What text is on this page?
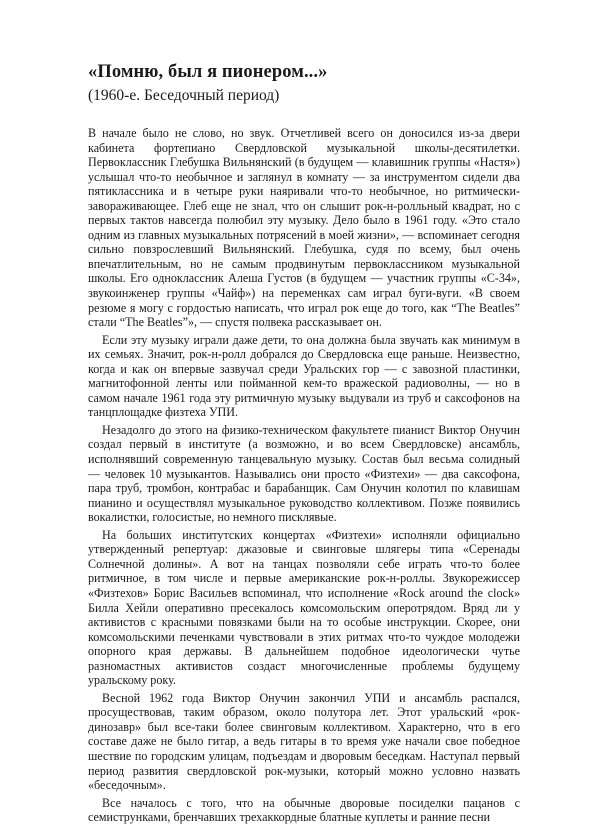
«Помню, был я пионером...»
(1960-е. Беседочный период)

В начале было не слово, но звук. Отчетливей всего он доносился из-за двери кабинета фортепиано Свердловской музыкальной школы-десятилетки. Первоклассник Глебушка Вильнянский (в будущем — клавишник группы «Настя») услышал что-то необычное и заглянул в комнату — за инструментом сидели два пятиклассника и в четыре руки наяривали что-то необычное, но ритмически-завораживающее. Глеб еще не знал, что он слышит рок-н-ролльный квадрат, но с первых тактов навсегда полюбил эту музыку. Дело было в 1961 году. «Это стало одним из главных музыкальных потрясений в моей жизни», — вспоминает сегодня сильно повзрослевший Вильнянский. Глебушка, судя по всему, был очень впечатлительным, но не самым продвинутым первоклассником музыкальной школы. Его одноклассник Алеша Густов (в будущем — участник группы «С-34», звукоинженер группы «Чайф») на переменках сам играл буги-вуги. «В своем резюме я могу с гордостью написать, что играл рок еще до того, как “The Beatles” стали “The Beatles”», — спустя полвека рассказывает он.

Если эту музыку играли даже дети, то она должна была звучать как минимум в их семьях. Значит, рок-н-ролл добрался до Свердловска еще раньше. Неизвестно, когда и как он впервые зазвучал среди Уральских гор — с завозной пластинки, магнитофонной ленты или пойманной кем-то вражеской радиоволны, — но в самом начале 1961 года эту ритмичную музыку выдували из труб и саксофонов на танцплощадке физтеха УПИ.

Незадолго до этого на физико-техническом факультете пианист Виктор Онучин создал первый в институте (а возможно, и во всем Свердловске) ансамбль, исполнявший современную танцевальную музыку. Состав был весьма солидный — человек 10 музыкантов. Назывались они просто «Физтехи» — два саксофона, пара труб, тромбон, контрабас и барабанщик. Сам Онучин колотил по клавишам пианино и осуществлял музыкальное руководство коллективом. Позже появились вокалистки, голосистые, но немного писклявые.

На больших институтских концертах «Физтехи» исполняли официально утвержденный репертуар: джазовые и свинговые шлягеры типа «Серенады Солнечной долины». А вот на танцах позволяли себе играть что-то более ритмичное, в том числе и первые американские рок-н-роллы. Звукорежиссер «Физтехов» Борис Васильев вспоминал, что исполнение «Rock around the clock» Билла Хейли оперативно пресекалось комсомольским оперотрядом. Вряд ли у активистов с красными повязками были на то особые инструкции. Скорее, они комсомольскими печенками чувствовали в этих ритмах что-то чуждое молодежи опорного края державы. В дальнейшем подобное идеологически чутье разномастных активистов создаст многочисленные проблемы будущему уральскому року.

Весной 1962 года Виктор Онучин закончил УПИ и ансамбль распался, просуществовав, таким образом, около полутора лет. Этот уральский «рок-динозавр» был все-таки более свинговым коллективом. Характерно, что в его составе даже не было гитар, а ведь гитары в то время уже начали свое победное шествие по городским улицам, подъездам и дворовым беседкам. Наступал первый период развития свердловской рок-музыки, который можно условно назвать «беседочным».

Все началось с того, что на обычные дворовые посиделки пацанов с семиструнками, бренчавших трехаккордные блатные куплеты и ранние песни
